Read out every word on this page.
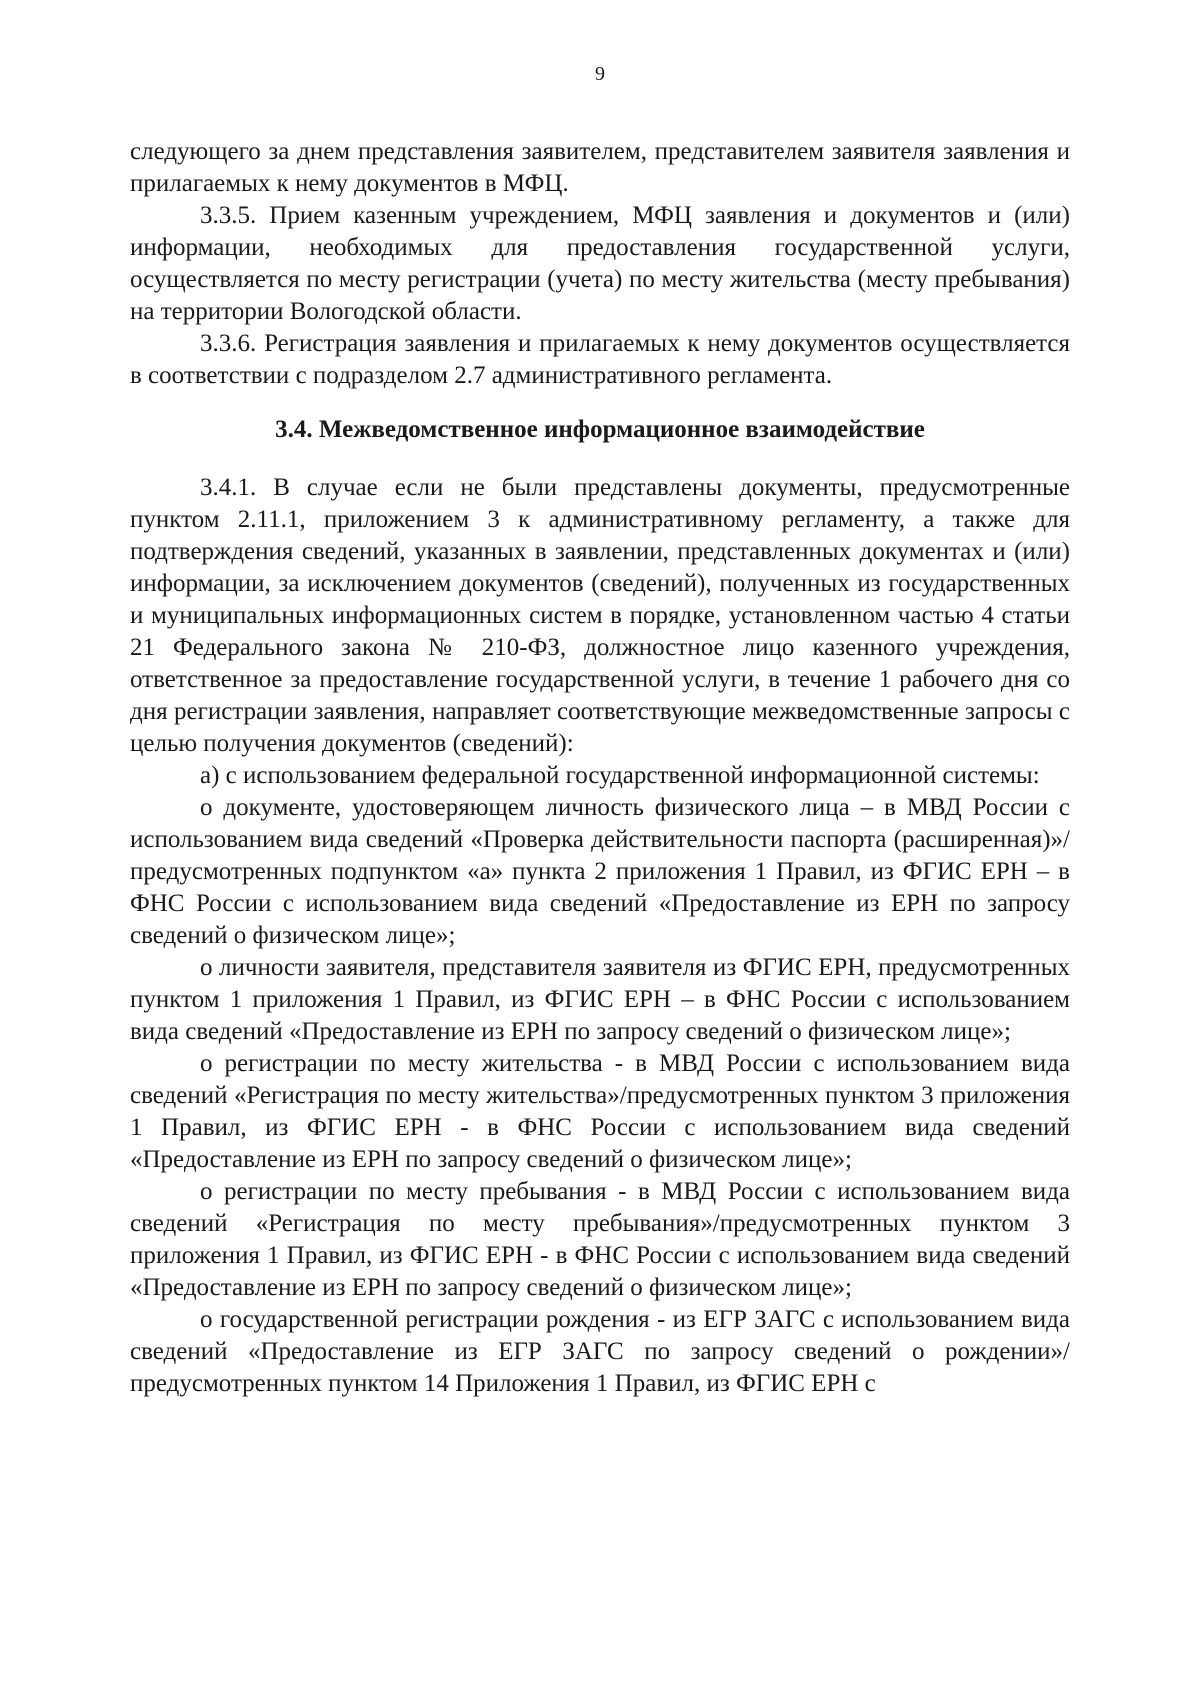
9

следующего за днем представления заявителем, представителем заявителя заявления и прилагаемых к нему документов в МФЦ.

3.3.5. Прием казенным учреждением, МФЦ заявления и документов и (или) информации, необходимых для предоставления государственной услуги, осуществляется по месту регистрации (учета) по месту жительства (месту пребывания) на территории Вологодской области.

3.3.6. Регистрация заявления и прилагаемых к нему документов осуществляется в соответствии с подразделом 2.7 административного регламента.

3.4. Межведомственное информационное взаимодействие

3.4.1. В случае если не были представлены документы, предусмотренные пунктом 2.11.1, приложением 3 к административному регламенту, а также для подтверждения сведений, указанных в заявлении, представленных документах и (или) информации, за исключением документов (сведений), полученных из государственных и муниципальных информационных систем в порядке, установленном частью 4 статьи 21 Федерального закона № 210-ФЗ, должностное лицо казенного учреждения, ответственное за предоставление государственной услуги, в течение 1 рабочего дня со дня регистрации заявления, направляет соответствующие межведомственные запросы с целью получения документов (сведений):

а) с использованием федеральной государственной информационной системы:

о документе, удостоверяющем личность физического лица – в МВД России с использованием вида сведений «Проверка действительности паспорта (расширенная)»/предусмотренных подпунктом «а» пункта 2 приложения 1 Правил, из ФГИС ЕРН – в ФНС России с использованием вида сведений «Предоставление из ЕРН по запросу сведений о физическом лице»;

о личности заявителя, представителя заявителя из ФГИС ЕРН, предусмотренных пунктом 1 приложения 1 Правил, из ФГИС ЕРН – в ФНС России с использованием вида сведений «Предоставление из ЕРН по запросу сведений о физическом лице»;

о регистрации по месту жительства - в МВД России с использованием вида сведений «Регистрация по месту жительства»/предусмотренных пунктом 3 приложения 1 Правил, из ФГИС ЕРН - в ФНС России с использованием вида сведений «Предоставление из ЕРН по запросу сведений о физическом лице»;

о регистрации по месту пребывания - в МВД России с использованием вида сведений «Регистрация по месту пребывания»/предусмотренных пунктом 3 приложения 1 Правил, из ФГИС ЕРН - в ФНС России с использованием вида сведений «Предоставление из ЕРН по запросу сведений о физическом лице»;

о государственной регистрации рождения - из ЕГР ЗАГС с использованием вида сведений «Предоставление из ЕГР ЗАГС по запросу сведений о рождении»/предусмотренных пунктом 14 Приложения 1 Правил, из ФГИС ЕРН с
